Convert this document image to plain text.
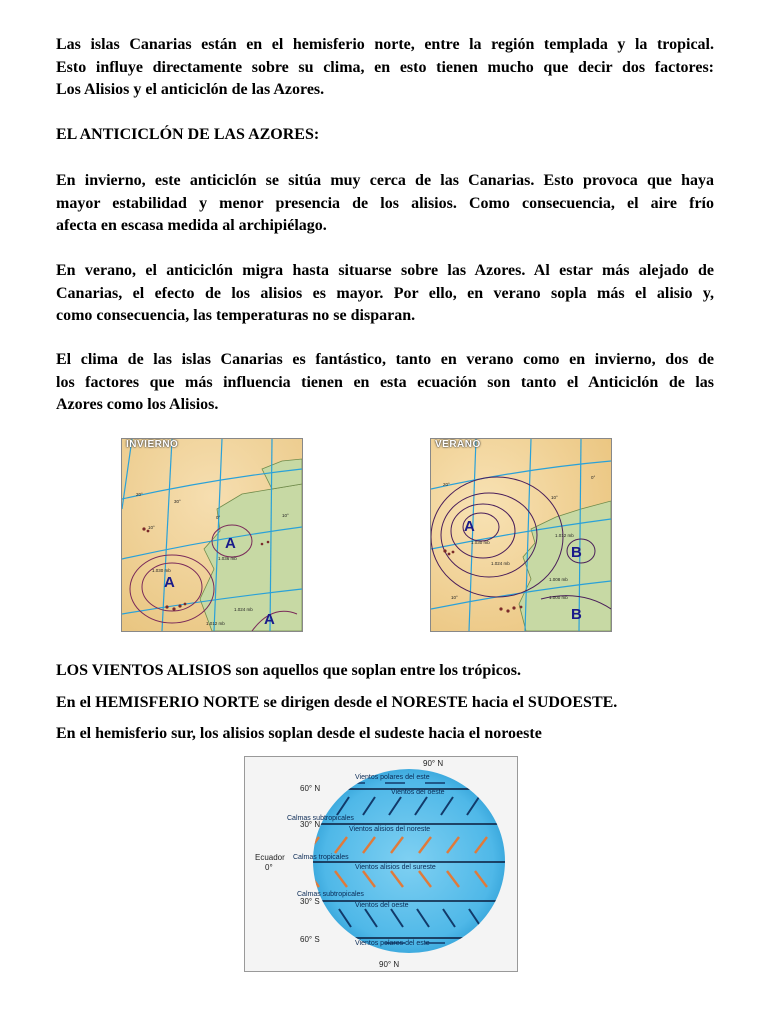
Las islas Canarias están en el hemisferio norte, entre la región templada y la tropical.
Esto influye directamente sobre su clima, en esto tienen mucho que decir dos factores:
Los Alisios y el anticiclón de las Azores.

EL ANTICICLÓN DE LAS AZORES:

En invierno, este anticiclón se sitúa muy cerca de las Canarias. Esto provoca que haya
mayor estabilidad y menor presencia de los alisios. Como consecuencia, el aire frío
afecta en escasa medida al archipiélago.
En verano, el anticiclón migra hasta situarse sobre las Azores. Al estar más alejado de
Canarias, el efecto de los alisios es mayor. Por ello, en verano sopla más el alisio y,
como consecuencia, las temperaturas no se disparan.
El clima de las islas Canarias es fantástico, tanto en verano como en invierno, dos de
los factores que más influencia tienen en esta ecuación son tanto el Anticiclón de las
Azores como los Alisios.
A
A
A
1.036 mb
1.030 mb
1.024 mb
1.012 mb
20°
30°
10°
0°	10°
INVIERNO
A
B
B
1.030 mb
1.024 mb
1.012 mb
1.008 mb
1.000 mb
20°
10°
0°
10°
VERANO

LOS VIENTOS ALISIOS son aquellos que soplan entre los trópicos.

En el HEMISFERIO NORTE se dirigen desde el NORESTE hacia el SUDOESTE.

En el hemisferio sur, los alisios soplan desde el sudeste hacia el noroeste

90° N
60° N
30° N
Ecuador
0°
30° S
60° S
90° N
Vientos polares del este
Vientos del oeste
Calmas subtropicales
Vientos alisios del noreste
Calmas tropicales
Vientos alisios del sureste
Calmas subtropicales
Vientos del oeste
Vientos polares del este
